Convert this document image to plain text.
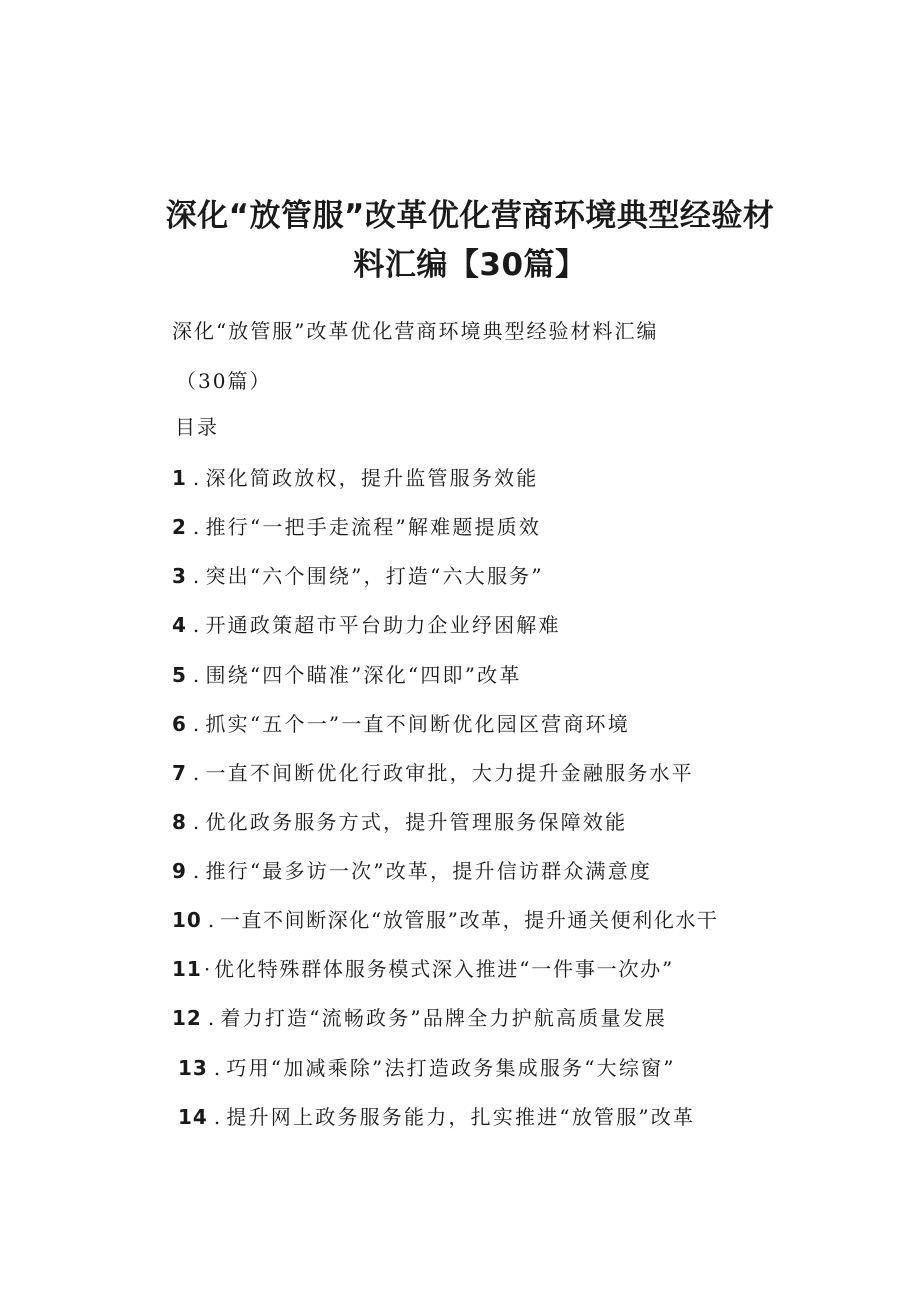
深化“放管服”改革优化营商环境典型经验材
料汇编【30篇】

深化“放管服”改革优化营商环境典型经验材料汇编

（30篇）

目录

1 . 深化简政放权，提升监管服务效能
2 . 推行“一把手走流程”解难题提质效
3 . 突出“六个围绕”，打造“六大服务”
4 . 开通政策超市平台助力企业纾困解难
5 . 围绕“四个瞄准”深化“四即”改革
6 . 抓实“五个一”一直不间断优化园区营商环境
7 . 一直不间断优化行政审批，大力提升金融服务水平
8 . 优化政务服务方式，提升管理服务保障效能
9 . 推行“最多访一次”改革，提升信访群众满意度
10 . 一直不间断深化“放管服”改革，提升通关便利化水干
11 · 优化特殊群体服务模式深入推进“一件事一次办”
12 . 着力打造“流畅政务”品牌全力护航高质量发展
13 . 巧用“加减乘除”法打造政务集成服务“大综窗”
14 . 提升网上政务服务能力，扎实推进“放管服”改革
